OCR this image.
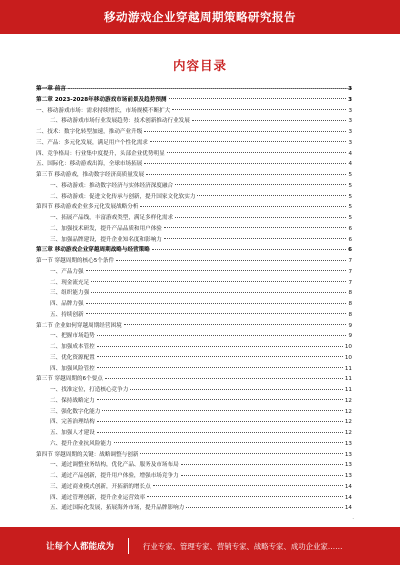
移动游戏企业穿越周期策略研究报告
内容目录
第一章 前言	3
第二章 2023-2028年移动游戏市场前景及趋势预测	3
一、移动游戏市场：需求持续增长，市场规模不断扩大	3
二、移动游戏市场行业发展趋势：技术创新推动行业发展	3
二、技术：数字化转型加速，推动产业升级	3
三、产品：多元化发展，满足用户个性化需求	3
四、竞争格局：行业集中度提升，头部企业优势明显	4
五、国际化：移动游戏出海，全球市场拓展	4
第三节 移动游戏，推动数字经济高质量发展	5
一、移动游戏：推动数字经济与实体经济深度融合	5
二、移动游戏：促进文化传承与创新，提升国家文化软实力	5
第四节 移动游戏企业多元化发展战略分析	5
一、拓展产品线，丰富游戏类型，满足多样化需求	5
二、加强技术研发，提升产品品质和用户体验	6
三、加强品牌建设，提升企业知名度和影响力	6
第三章 移动游戏企业穿越周期战略与经营策略	6
第一节 穿越周期的核心5个条件	7
一、产品力强	7
二、现金流充足	7
三、组织能力强	8
四、品牌力强	8
五、持续创新	8
第二节 企业如何穿越周期经营困境	9
一、把握市场趋势	9
二、加强成本管控	10
三、优化资源配置	10
四、加强风险管控	11
第三节 穿越周期的6个要点	11
一、找准定位，打造核心竞争力	11
二、保持战略定力	12
三、强化数字化能力	12
四、完善治理结构	12
五、加强人才建设	12
六、提升企业抗风险能力	13
第四节 穿越周期的关键：战略调整与创新	13
一、通过调整业务结构，优化产品、服务及市场布局	13
二、通过产品创新，提升用户体验，增强市场竞争力	13
三、通过商业模式创新，开拓新的增长点	14
四、通过管理创新，提升企业运营效率	14
五、通过国际化发展，拓展海外市场，提升品牌影响力	14
·
让每个人都能成为	行业专家、管理专家、营销专家、战略专家、成功企业家……
